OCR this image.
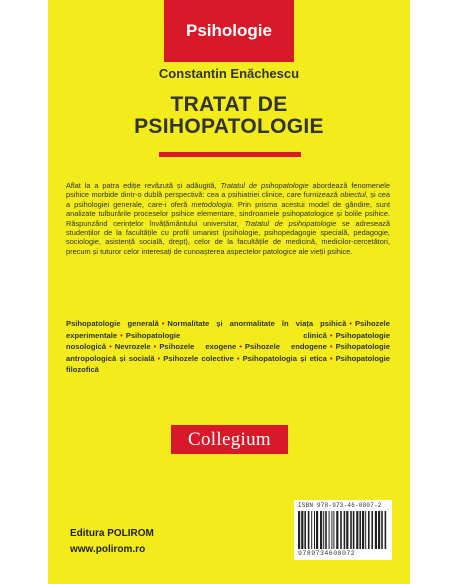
Psihologie
Constantin Enăchescu
TRATAT DE
PSIHOPATOLOGIE
Aflat la a patra ediție revăzută și adăugită, Tratatul de psihopatologie abordează fenomenele psihice morbide dintr-o dublă perspectivă: cea a psihiatriei clinice, care furnizează obiectul, și cea a psihologiei generale, care-i oferă metodologia. Prin prisma acestui model de gândire, sunt analizate tulburările proceselor psihice elementare, sindroamele psihopatologice și bolile psihice. Răspunzând cerințelor învățământului universitar, Tratatul de psihopatologie se adresează studenților de la facultățile cu profil umanist (psihologie, psihopedagogie specială, pedagogie, sociologie, asistență socială, drept), celor de la facultățile de medicină, medicilor-cercetători, precum și tuturor celor interesați de cunoașterea aspectelor patologice ale vieții psihice.
Psihopatologie generală • Normalitate și anormalitate în viața psihică • Psihozele experimentale • Psihopatologie clinică • Psihopatologie nosologică • Nevrozele • Psihozele exogene • Psihozele endogene • Psihopatologie antropologică și socială • Psihozele colective • Psihopatologia și etica • Psihopatologie filozofică
Collegium
ISBN 978-973-46-0807-2
9789734608072
Editura POLIROM
www.polirom.ro
